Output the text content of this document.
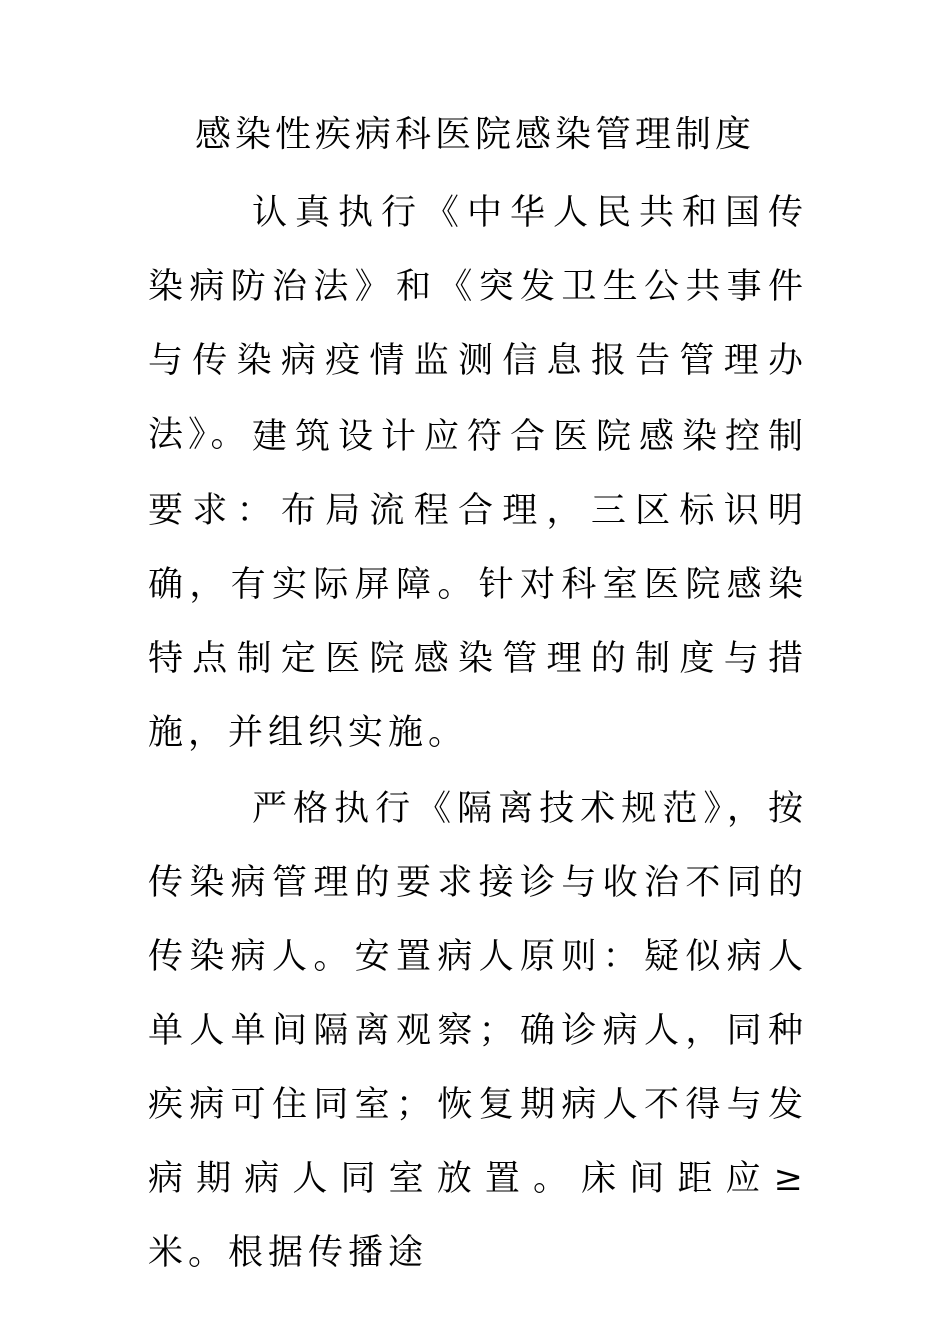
感染性疾病科医院感染管理制度

认真执行《中华人民共和国传染病防治法》和《突发卫生公共事件与传染病疫情监测信息报告管理办法》。 建筑设计应符合医院感染控制要求：布局流程合理，三区标识明确，有实际屏障。针对科室医院感染特点制定医院感染管理的制度与措施，并组织实施。

严格执行《隔离技术规范》，按传染病管理的要求接诊与收治不同的传染病人。安置病人原则：疑似病人单人单间隔离观察；确诊病人，同种疾病可住同室；恢复期病人不得与发病期病人同室放置。床间距应≥　米。根据传播途
